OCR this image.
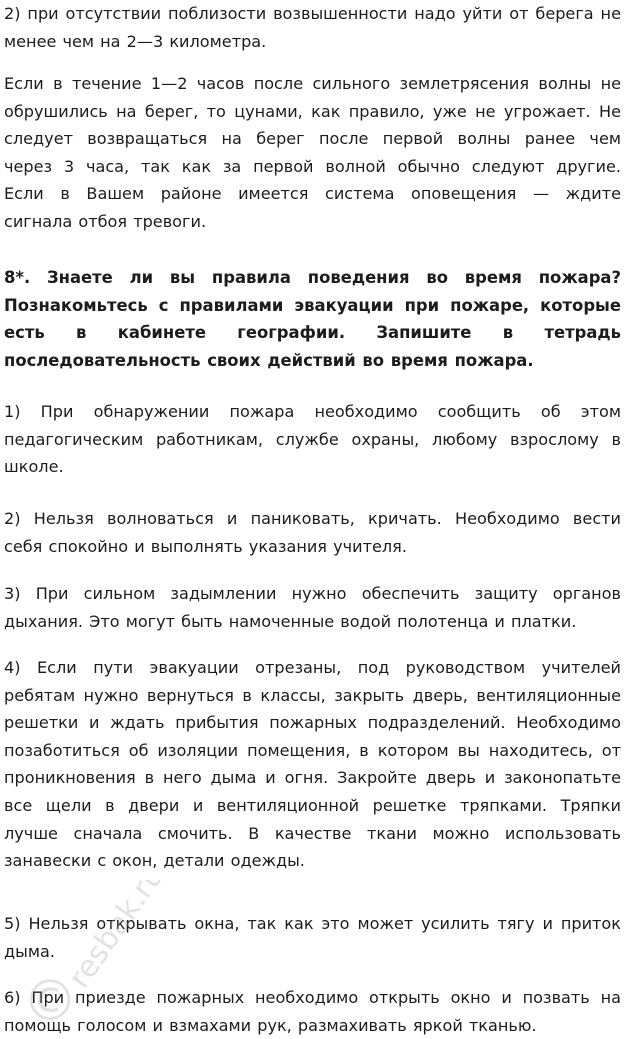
2) при отсутствии поблизости возвышенности надо уйти от берега не
менее чем на 2—3 километра.
Если в течение 1—2 часов после сильного землетрясения волны не
обрушились на берег, то цунами, как правило, уже не угрожает. Не
следует возвращаться на берег после первой волны ранее чем
через 3 часа, так как за первой волной обычно следуют другие.
Если в Вашем районе имеется система оповещения — ждите
сигнала отбоя тревоги.
8*. Знаете ли вы правила поведения во время пожара?
Познакомьтесь с правилами эвакуации при пожаре, которые
есть в кабинете географии. Запишите в тетрадь
последовательность своих действий во время пожара.
1) При обнаружении пожара необходимо сообщить об этом
педагогическим работникам, службе охраны, любому взрослому в
школе.
2) Нельзя волноваться и паниковать, кричать. Необходимо вести
себя спокойно и выполнять указания учителя.
3) При сильном задымлении нужно обеспечить защиту органов
дыхания. Это могут быть намоченные водой полотенца и платки.
4) Если пути эвакуации отрезаны, под руководством учителей
ребятам нужно вернуться в классы, закрыть дверь, вентиляционные
решетки и ждать прибытия пожарных подразделений. Необходимо
позаботиться об изоляции помещения, в котором вы находитесь, от
проникновения в него дыма и огня. Закройте дверь и законопатьте
все щели в двери и вентиляционной решетке тряпками. Тряпки
лучше сначала смочить. В качестве ткани можно использовать
занавески с окон, детали одежды.
5) Нельзя открывать окна, так как это может усилить тягу и приток
дыма.
6) При приезде пожарных необходимо открыть окно и позвать на
помощь голосом и взмахами рук, размахивать яркой тканью.
resbak.ru
©
